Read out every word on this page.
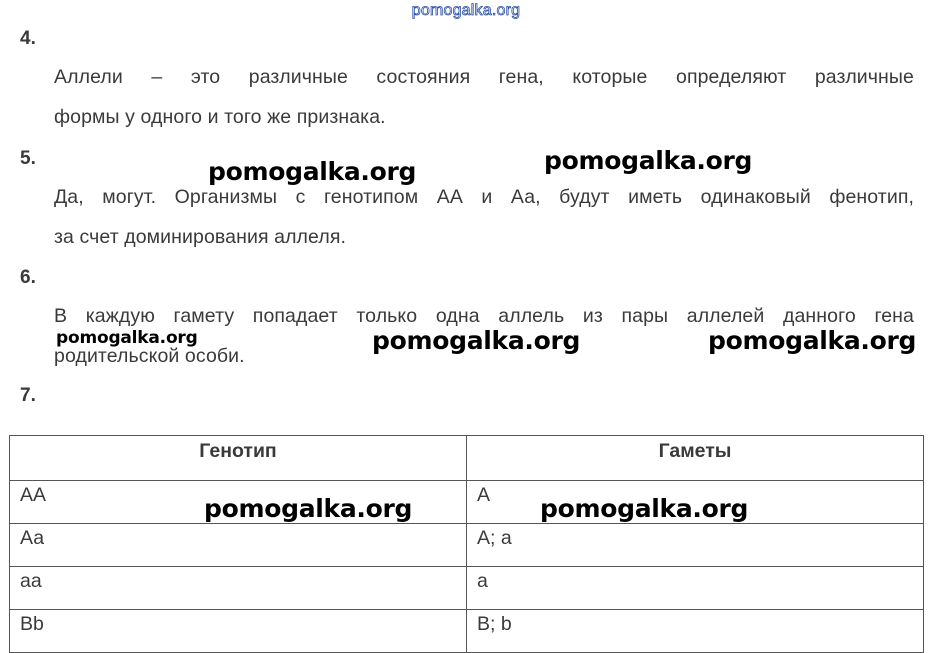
pomogalka.org
4.
Аллели – это различные состояния гена, которые определяют различные
формы у одного и того же признака.
5.
Да, могут. Организмы с генотипом АА и Аа, будут иметь одинаковый фенотип,
за счет доминирования аллеля.
6.
В каждую гамету попадает только одна аллель из пары аллелей данного гена
родительской особи.
7.
Генотип	Гаметы
АА	А
Аа	А; а
аа	а
Bb	B; b
pomogalka.org	pomogalka.org
pomogalka.org	pomogalka.org	pomogalka.org
pomogalka.org	pomogalka.org
